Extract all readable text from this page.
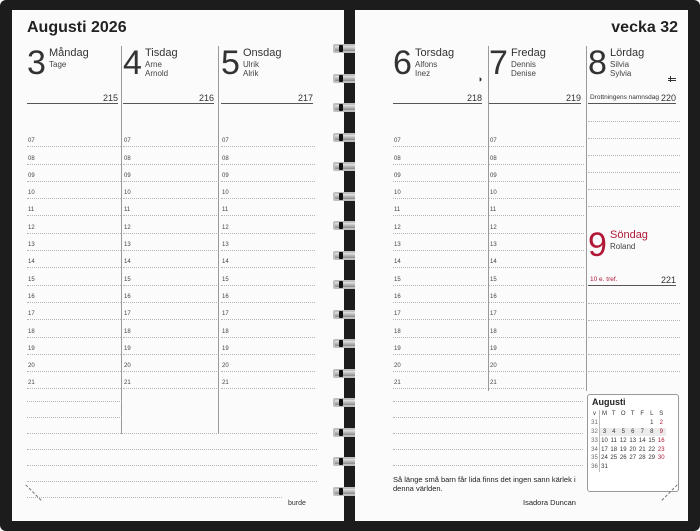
Augusti 2026
3 Måndag
Tage
215
4 Tisdag
Arne
Arnold
216
5 Onsdag
Ulrik
Alrik
217
07
08
09
10
11
12
13
14
15
16
17
18
19
20
21
07
08
09
10
11
12
13
14
15
16
17
18
19
20
21
07
08
09
10
11
12
13
14
15
16
17
18
19
20
21
burde
vecka 32
6 Torsdag
Alfons
Inez
◑
218
7 Fredag
Dennis
Denise
219
8 Lördag
Silvia
Sylvia
Drottningens namnsdag 220
9 Söndag
Roland
10 e. tref.	221
07
08
09
10
11
12
13
14
15
16
17
18
19
20
21
07
08
09
10
11
12
13
14
15
16
17
18
19
20
21
Så länge små barn får lida finns det ingen sann kärlek i denna världen.
Isadora Duncan
Augusti
v	M	T	O	T	F	L	S
31						1	2
32	3	4	5	6	7	8	9
33	10	11	12	13	14	15	16
34	17	18	19	20	21	22	23
35	24	25	26	27	28	29	30
36	31						
